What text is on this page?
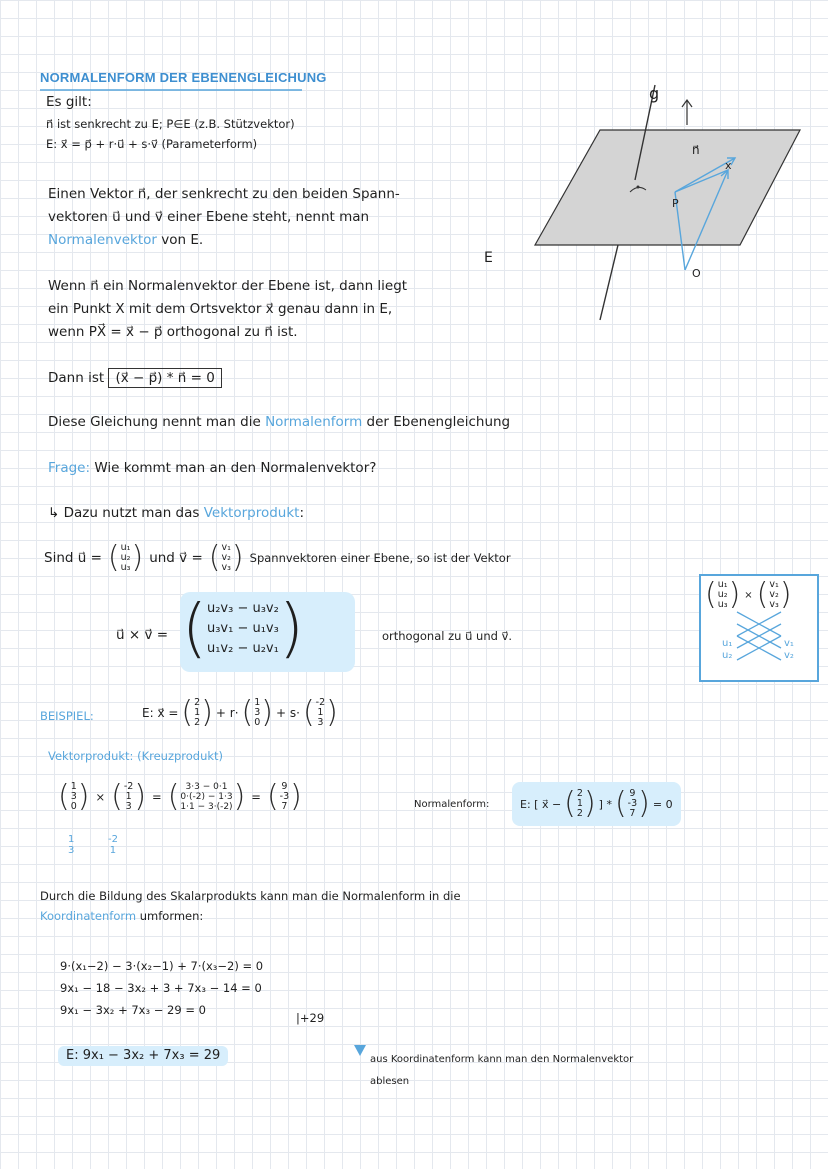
NORMALENFORM DER EBENENGLEICHUNG
Es gilt:
n⃗ ist senkrecht zu E; P∈E (z.B. Stützvektor)
E: x⃗ = p⃗ + r·u⃗ + s·v⃗ (Parameterform)
Einen Vektor n⃗, der senkrecht zu den beiden Spann-
vektoren u⃗ und v⃗ einer Ebene steht, nennt man
Normalenvektor von E.
g
n⃗
x
P
O
E
Wenn n⃗ ein Normalenvektor der Ebene ist, dann liegt
ein Punkt X mit dem Ortsvektor x⃗ genau dann in E,
wenn PX⃗ = x⃗ − p⃗ orthogonal zu n⃗ ist.
Dann ist (x⃗ − p⃗) * n⃗ = 0
Diese Gleichung nennt man die Normalenform der Ebenengleichung
Frage: Wie kommt man an den Normalenvektor?
↳ Dazu nutzt man das Vektorprodukt:
Sind u⃗ = ( u₁
u₂
u₃ ) und v⃗ = ( v₁
v₂
v₃ ) Spannvektoren einer Ebene, so ist der Vektor
u⃗ × v⃗ = ( u₂v₃ − u₃v₂
u₃v₁ − u₁v₃
u₁v₂ − u₂v₁ )	orthogonal zu u⃗ und v⃗.
( u₁
u₂
u₃ ) × ( v₁
v₂
v₃ )
u₁
u₂
v₁
v₂
BEISPIEL:	E: x⃗ = ( 2
1
2 ) + r· ( 1
3
0 ) + s· ( -2
1
3 )
Vektorprodukt: (Kreuzprodukt)
( 1
3
0 ) × ( -2
1
3 ) = ( 3·3 − 0·1
0·(-2) − 1·3
1·1 − 3·(-2) ) = ( 9
-3
7 )
1
3
-2
1
Normalenform:	E: [ x⃗ − ( 2
1
2 ) ] * ( 9
-3
7 ) = 0
Durch die Bildung des Skalarprodukts kann man die Normalenform in die
Koordinatenform umformen:
9·(x₁−2) − 3·(x₂−1) + 7·(x₃−2) = 0
9x₁ − 18 − 3x₂ + 3 + 7x₃ − 14 = 0
9x₁ − 3x₂ + 7x₃ − 29 = 0
|+29
E: 9x₁ − 3x₂ + 7x₃ = 29	aus Koordinatenform kann man den Normalenvektor
ablesen
